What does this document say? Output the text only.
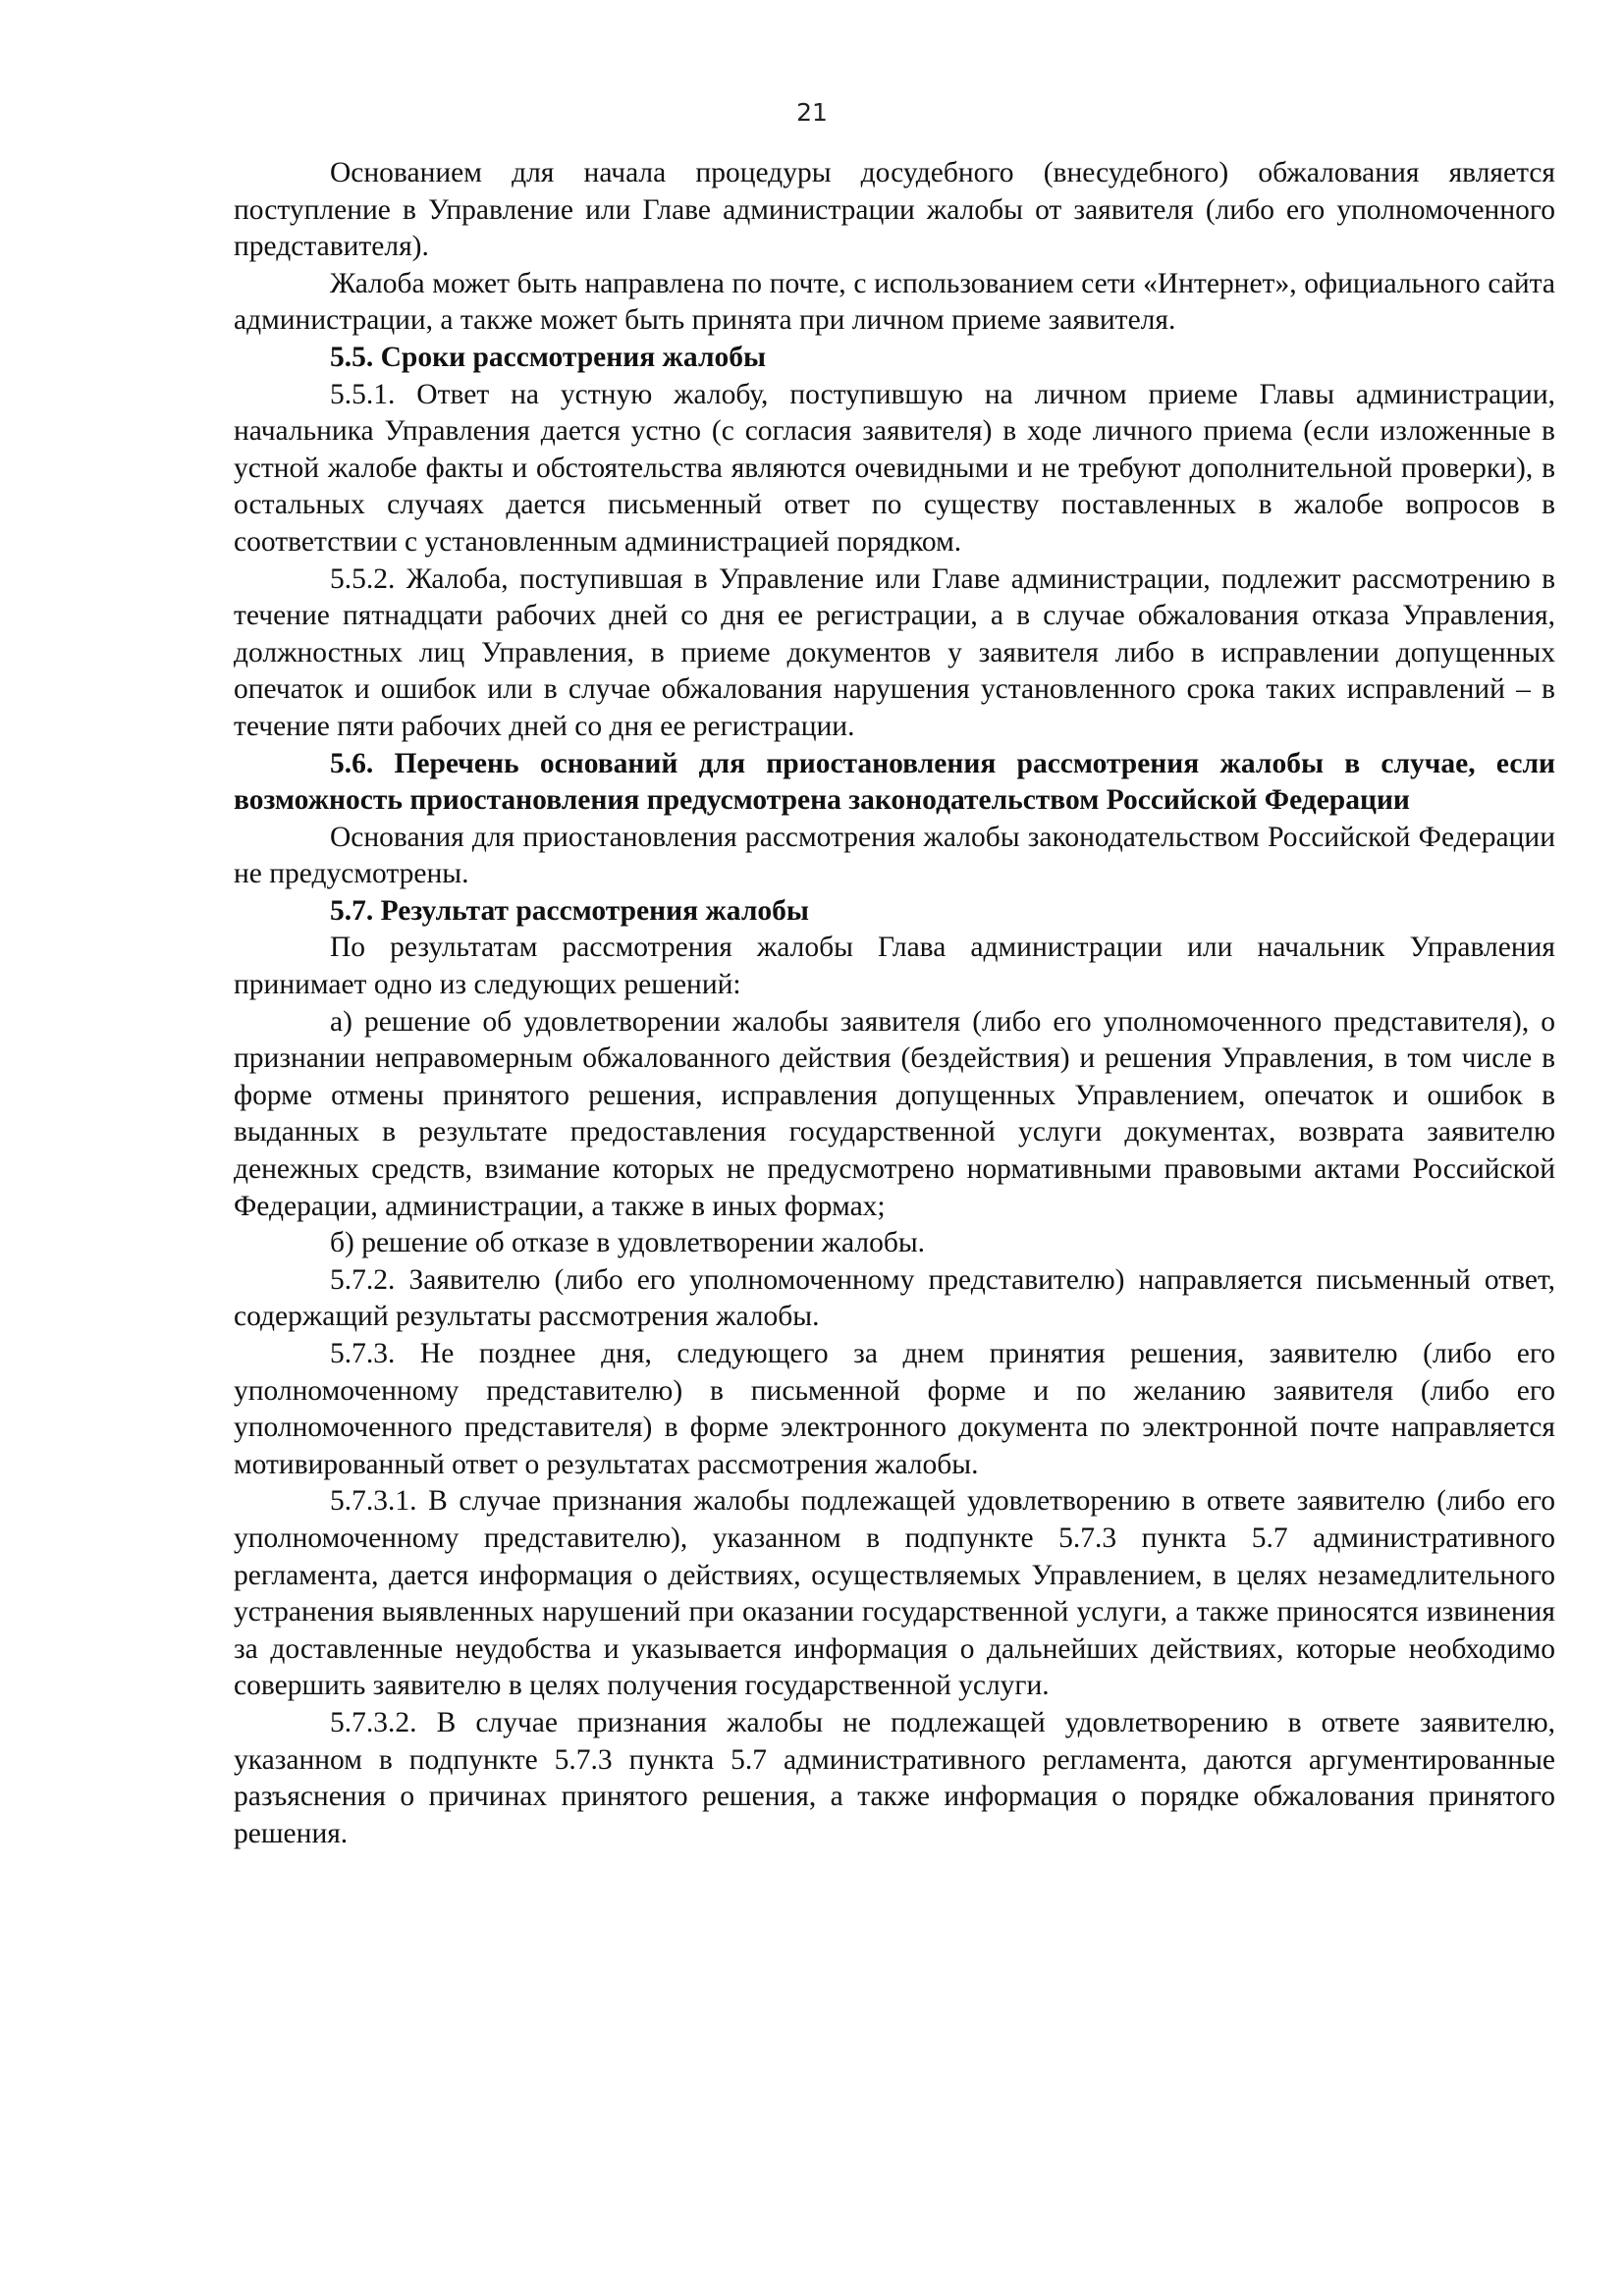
21

Основанием для начала процедуры досудебного (внесудебного) обжалования является поступление в Управление или Главе администрации жалобы от заявителя (либо его уполномоченного представителя).

Жалоба может быть направлена по почте, с использованием сети «Интернет», официального сайта администрации, а также может быть принята при личном приеме заявителя.

5.5. Сроки рассмотрения жалобы

5.5.1. Ответ на устную жалобу, поступившую на личном приеме Главы администрации, начальника Управления дается устно (с согласия заявителя) в ходе личного приема (если изложенные в устной жалобе факты и обстоятельства являются очевидными и не требуют дополнительной проверки), в остальных случаях дается письменный ответ по существу поставленных в жалобе вопросов в соответствии с установленным администрацией порядком.

5.5.2. Жалоба, поступившая в Управление или Главе администрации, подлежит рассмотрению в течение пятнадцати рабочих дней со дня ее регистрации, а в случае обжалования отказа Управления, должностных лиц Управления, в приеме документов у заявителя либо в исправлении допущенных опечаток и ошибок или в случае обжалования нарушения установленного срока таких исправлений – в течение пяти рабочих дней со дня ее регистрации.

5.6. Перечень оснований для приостановления рассмотрения жалобы в случае, если возможность приостановления предусмотрена законодательством Российской Федерации

Основания для приостановления рассмотрения жалобы законодательством Российской Федерации не предусмотрены.

5.7. Результат рассмотрения жалобы

По результатам рассмотрения жалобы Глава администрации или начальник Управления принимает одно из следующих решений:

а) решение об удовлетворении жалобы заявителя (либо его уполномоченного представителя), о признании неправомерным обжалованного действия (бездействия) и решения Управления, в том числе в форме отмены принятого решения, исправления допущенных Управлением, опечаток и ошибок в выданных в результате предоставления государственной услуги документах, возврата заявителю денежных средств, взимание которых не предусмотрено нормативными правовыми актами Российской Федерации, администрации, а также в иных формах;

б) решение об отказе в удовлетворении жалобы.

5.7.2. Заявителю (либо его уполномоченному представителю) направляется письменный ответ, содержащий результаты рассмотрения жалобы.

5.7.3. Не позднее дня, следующего за днем принятия решения, заявителю (либо его уполномоченному представителю) в письменной форме и по желанию заявителя (либо его уполномоченного представителя) в форме электронного документа по электронной почте направляется мотивированный ответ о результатах рассмотрения жалобы.

5.7.3.1. В случае признания жалобы подлежащей удовлетворению в ответе заявителю (либо его уполномоченному представителю), указанном в подпункте 5.7.3 пункта 5.7 административного регламента, дается информация о действиях, осуществляемых Управлением, в целях незамедлительного устранения выявленных нарушений при оказании государственной услуги, а также приносятся извинения за доставленные неудобства и указывается информация о дальнейших действиях, которые необходимо совершить заявителю в целях получения государственной услуги.

5.7.3.2. В случае признания жалобы не подлежащей удовлетворению в ответе заявителю, указанном в подпункте 5.7.3 пункта 5.7 административного регламента, даются аргументированные разъяснения о причинах принятого решения, а также информация о порядке обжалования принятого решения.
